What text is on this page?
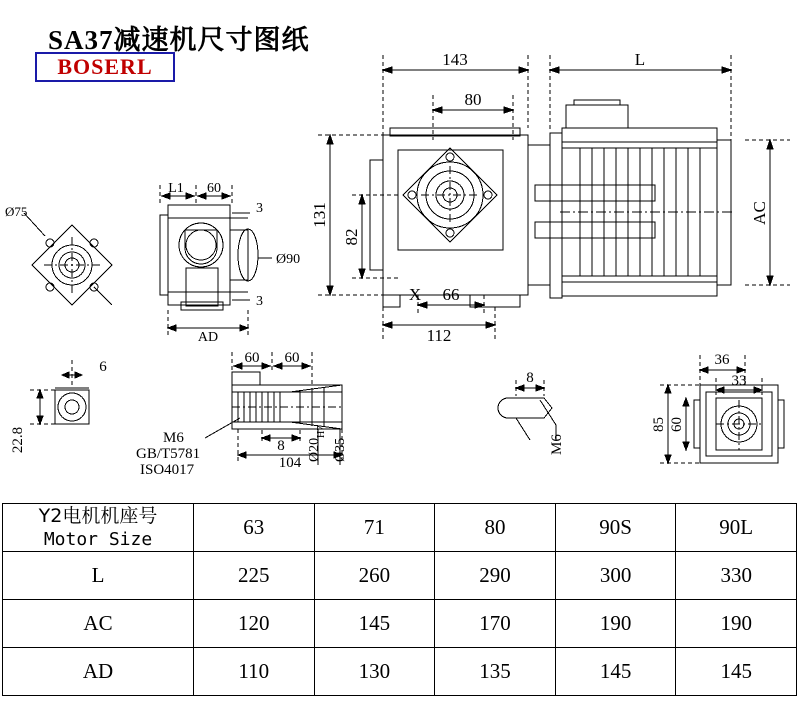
SA37减速机尺寸图纸
BOSERL	143	L
80
131
82
AC
X 66
112
L1 60
3
3
Ø90
AD
Ø75
6
22.8
60 60
8
104
Ø20
H7
Ø35
M6
GB/T5781
ISO4017
8
M6
36
33
85 60
Y2电机机座号
Motor Size	63	71	80	90S	90L
L	225	260	290	300	330
AC	120	145	170	190	190
AD	110	130	135	145	145
